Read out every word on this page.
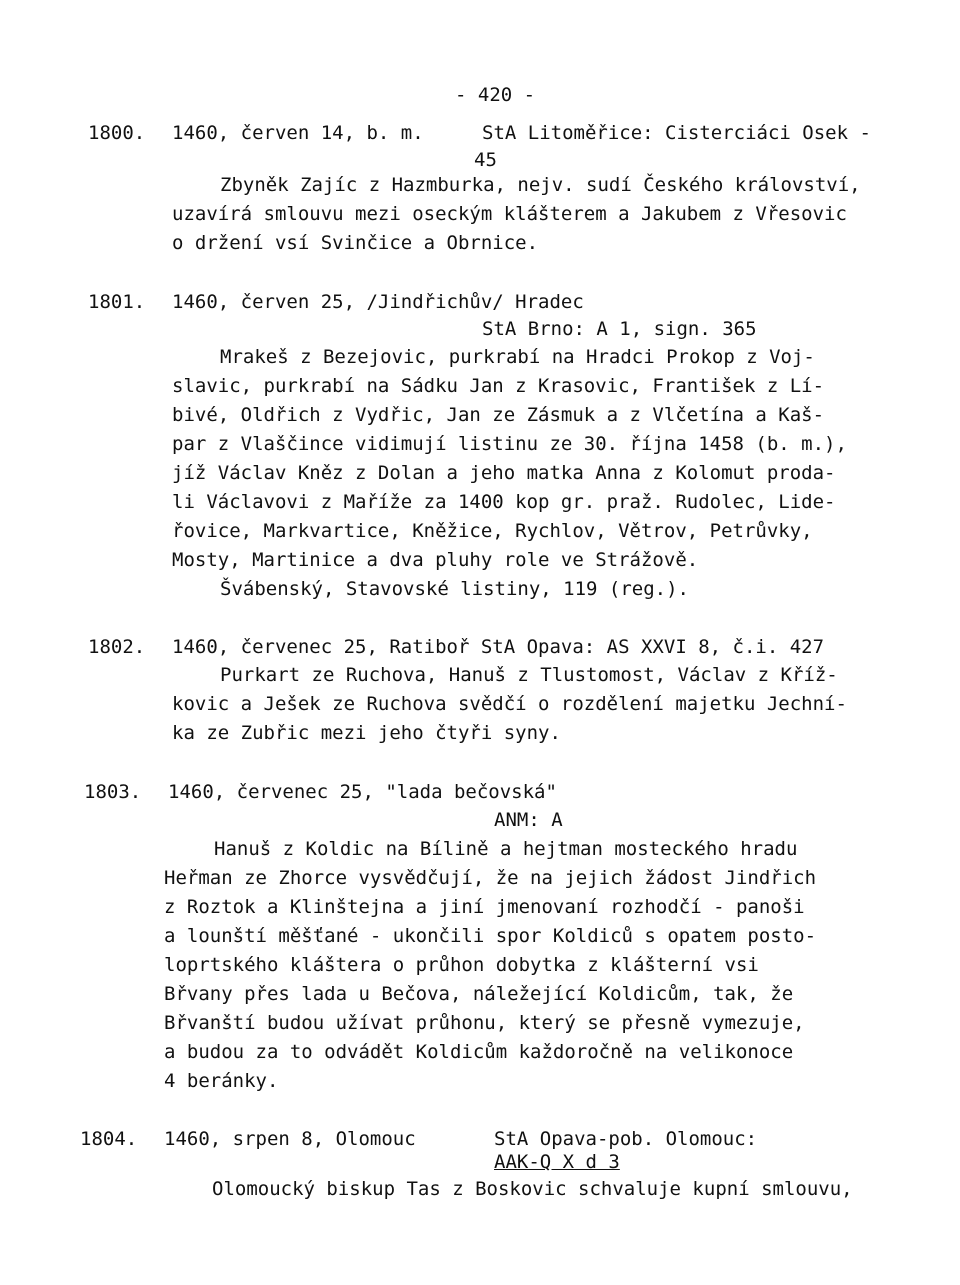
- 420 -
1800. 1460, červen 14, b. m.	StA Litoměřice: Cisterciáci Osek -
45
Zbyněk Zajíc z Hazmburka, nejv. sudí Českého království,
uzavírá smlouvu mezi oseckým klášterem a Jakubem z Vřesovic
o držení vsí Svinčice a Obrnice.
1801. 1460, červen 25, /Jindřichův/ Hradec
StA Brno: A 1, sign. 365
Mrakeš z Bezejovic, purkrabí na Hradci Prokop z Voj-
slavic, purkrabí na Sádku Jan z Krasovic, František z Lí-
bivé, Oldřich z Vydřic, Jan ze Zásmuk a z Vlčetína a Kaš-
par z Vlaščince vidimují listinu ze 30. října 1458 (b. m.),
jíž Václav Kněz z Dolan a jeho matka Anna z Kolomut proda-
li Václavovi z Maříže za 1400 kop gr. praž. Rudolec, Lide-
řovice, Markvartice, Kněžice, Rychlov, Větrov, Petrůvky,
Mosty, Martinice a dva pluhy role ve Strážově.
Švábenský, Stavovské listiny, 119 (reg.).
1802. 1460, červenec 25, Ratiboř StA Opava: AS XXVI 8, č.i. 427
Purkart ze Ruchova, Hanuš z Tlustomost, Václav z Kříž-
kovic a Ješek ze Ruchova svědčí o rozdělení majetku Jechní-
ka ze Zubřic mezi jeho čtyři syny.
1803. 1460, červenec 25, "lada bečovská"
ANM: A
Hanuš z Koldic na Bílině a hejtman mosteckého hradu
Heřman ze Zhorce vysvědčují, že na jejich žádost Jindřich
z Roztok a Klinštejna a jiní jmenovaní rozhodčí - panoši
a lounští měšťané - ukončili spor Koldiců s opatem posto-
loprtského kláštera o průhon dobytka z klášterní vsi
Břvany přes lada u Bečova, náležející Koldicům, tak, že
Břvanští budou užívat průhonu, který se přesně vymezuje,
a budou za to odvádět Koldicům každoročně na velikonoce
4 beránky.
1804. 1460, srpen 8, Olomouc	StA Opava-pob. Olomouc:
AAK-Q X d 3
Olomoucký biskup Tas z Boskovic schvaluje kupní smlouvu,
